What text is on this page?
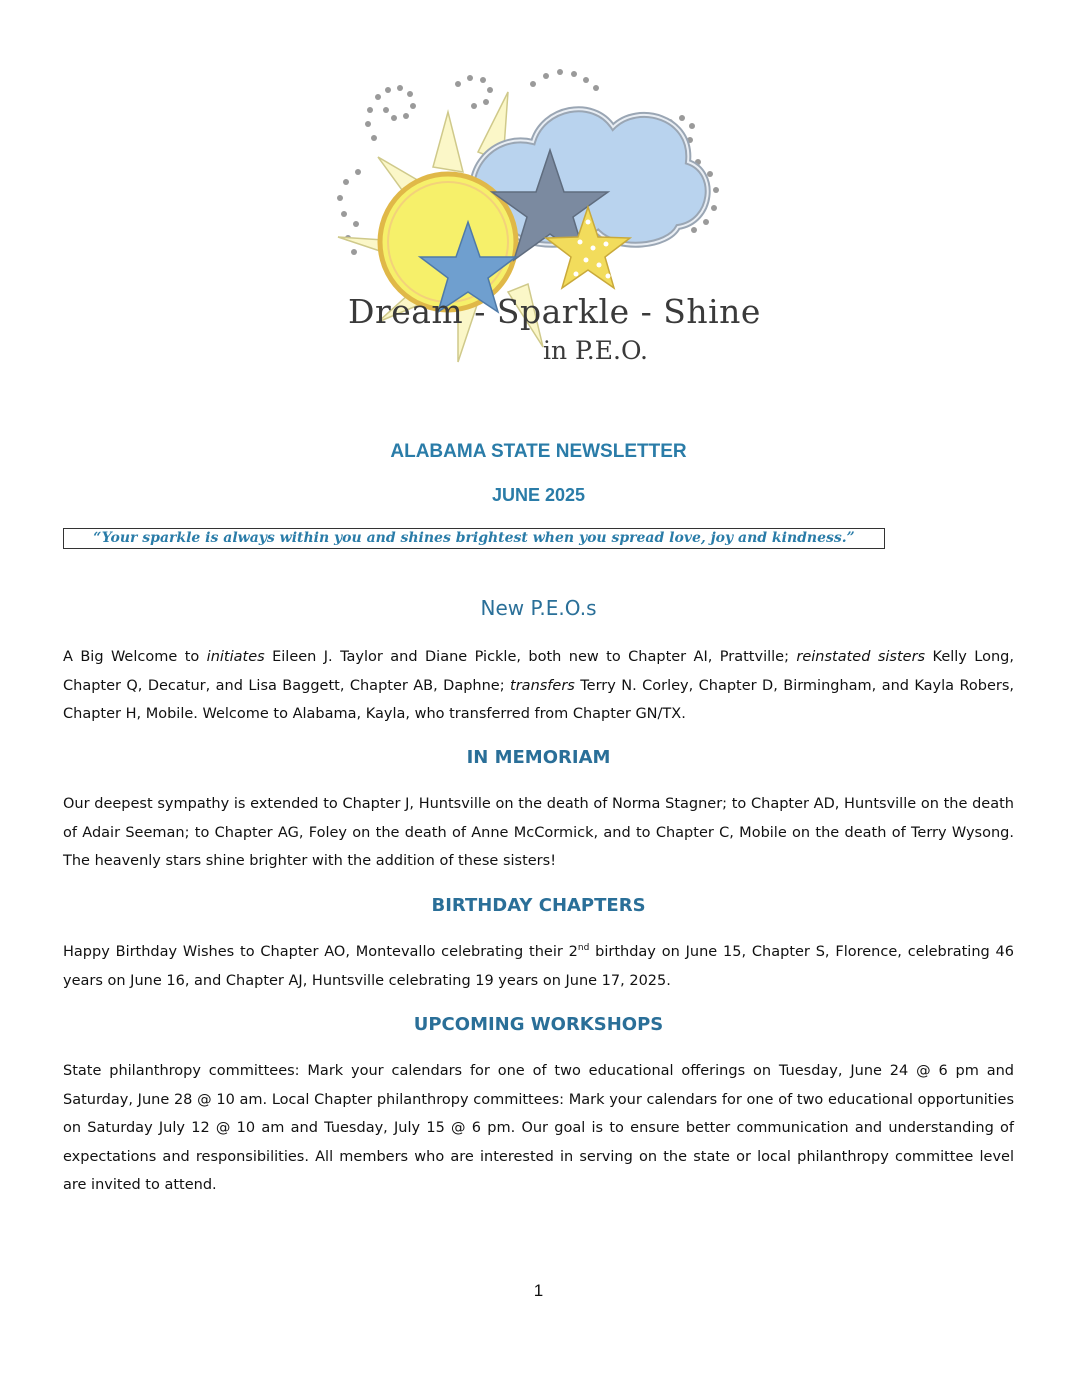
Dream - Sparkle - Shine
in P.E.O.
ALABAMA STATE NEWSLETTER
JUNE 2025
“Your sparkle is always within you and shines brightest when you spread love, joy and kindness.”
New P.E.O.s
A Big Welcome to initiates Eileen J. Taylor and Diane Pickle, both new to Chapter AI, Prattville; reinstated sisters Kelly Long, Chapter Q, Decatur, and Lisa Baggett, Chapter AB, Daphne; transfers Terry N. Corley, Chapter D, Birmingham, and Kayla Robers, Chapter H, Mobile. Welcome to Alabama, Kayla, who transferred from Chapter GN/TX.
IN MEMORIAM
Our deepest sympathy is extended to Chapter J, Huntsville on the death of Norma Stagner; to Chapter AD, Huntsville on the death of Adair Seeman; to Chapter AG, Foley on the death of Anne McCormick, and to Chapter C, Mobile on the death of Terry Wysong. The heavenly stars shine brighter with the addition of these sisters!
BIRTHDAY CHAPTERS
Happy Birthday Wishes to Chapter AO, Montevallo celebrating their 2nd birthday on June 15, Chapter S, Florence, celebrating 46 years on June 16, and Chapter AJ, Huntsville celebrating 19 years on June 17, 2025.
UPCOMING WORKSHOPS
State philanthropy committees: Mark your calendars for one of two educational offerings on Tuesday, June 24 @ 6 pm and Saturday, June 28 @ 10 am. Local Chapter philanthropy committees: Mark your calendars for one of two educational opportunities on Saturday July 12 @ 10 am and Tuesday, July 15 @ 6 pm. Our goal is to ensure better communication and understanding of expectations and responsibilities. All members who are interested in serving on the state or local philanthropy committee level are invited to attend.
1
